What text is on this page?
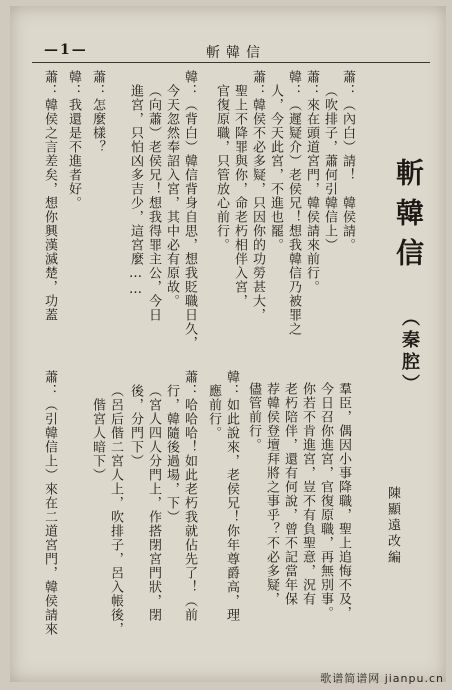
—1—	斬韓信
斬韓信
（秦腔）
陳顯遠改編
蕭：（內白）請！　韓侯請。
（吹排子，蕭何引韓信上）
蕭：來在頭道宮門，韓侯請來前行。
韓：（遲疑介）老侯兄！想我韓信乃被罪之
人，今天此宮，不進也罷。
蕭：韓侯不必多疑，只因你的功勞甚大，
聖上不降罪與你，命老朽相伴入宮，
官復原職，只管放心前行。
韓：（背白）韓信背身自思，想我貶職日久，
今天忽然奉詔入宮，其中必有原故。
（向蕭）老侯兄！想我得罪主公，今日
進宮，只怕凶多吉少，這宮麼……
蕭：怎麼樣？
韓：我還是不進者好。
蕭：韓侯之言差矣，想你興漢滅楚，功蓋
羣臣，偶因小事降職，聖上追悔不及，
今日召你進宮，官復原職，再無別事。
你若不肯進宮，豈不有負聖意，況有
老朽陪伴，還有何說，曾不記當年保
荐韓侯登壇拜將之事乎？不必多疑，
儘管前行。
韓：如此說來，老侯兄！你年尊爵高，理
應前行。
蕭：哈哈哈！如此老朽我就佔先了！（前
行，韓隨後過場，下）
（宮人四人分門上，作搭閉宮門狀，閉
後，分門下）
（呂后偕二宮人上，吹排子，呂入帳後，
偕宮人暗下）
蕭：（引韓信上）來在二道宮門，韓侯請來
歌谱简谱网 jianpu.cn
